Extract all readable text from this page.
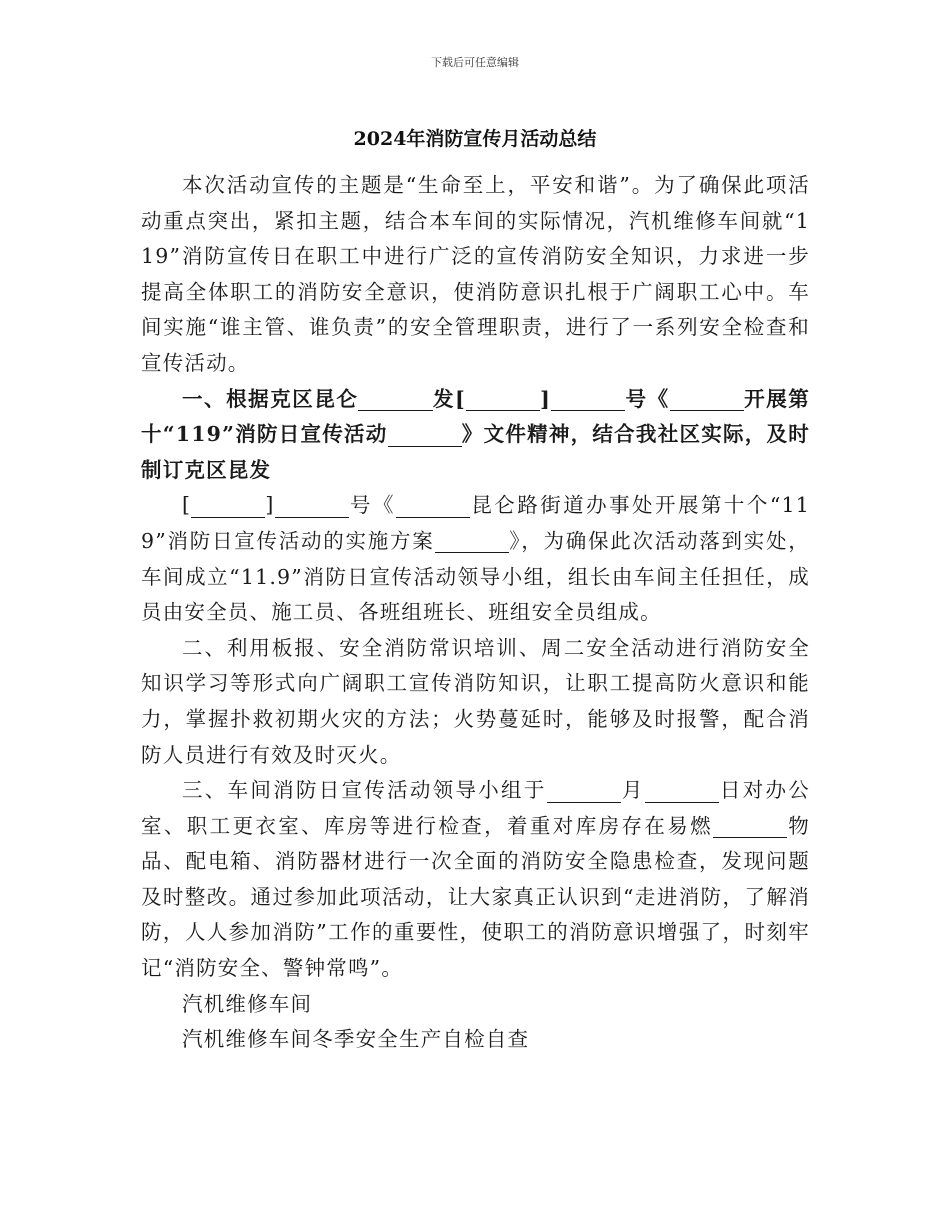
下载后可任意编辑
2024年消防宣传月活动总结

本次活动宣传的主题是“生命至上，平安和谐”。为了确保此项活动重点突出，紧扣主题，结合本车间的实际情况，汽机维修车间就“119”消防宣传日在职工中进行广泛的宣传消防安全知识，力求进一步提高全体职工的消防安全意识，使消防意识扎根于广阔职工心中。车间实施“谁主管、谁负责”的安全管理职责，进行了一系列安全检查和宣传活动。

一、根据克区昆仑  	发[  	]  	号《  	开展第十“119”消防日宣传活动  	》文件精神，结合我社区实际，及时制订克区昆发

[  	]  	号《  	昆仑路街道办事处开展第十个“119”消防日宣传活动的实施方案  	》，为确保此次活动落到实处，车间成立“11.9”消防日宣传活动领导小组，组长由车间主任担任，成员由安全员、施工员、各班组班长、班组安全员组成。

二、利用板报、安全消防常识培训、周二安全活动进行消防安全知识学习等形式向广阔职工宣传消防知识，让职工提高防火意识和能力，掌握扑救初期火灾的方法；火势蔓延时，能够及时报警，配合消防人员进行有效及时灭火。

三、车间消防日宣传活动领导小组于  	月  	日对办公室、职工更衣室、库房等进行检查，着重对库房存在易燃  	物品、配电箱、消防器材进行一次全面的消防安全隐患检查，发现问题及时整改。通过参加此项活动，让大家真正认识到“走进消防，了解消防，人人参加消防”工作的重要性，使职工的消防意识增强了，时刻牢记“消防安全、警钟常鸣”。

汽机维修车间

汽机维修车间冬季安全生产自检自查
